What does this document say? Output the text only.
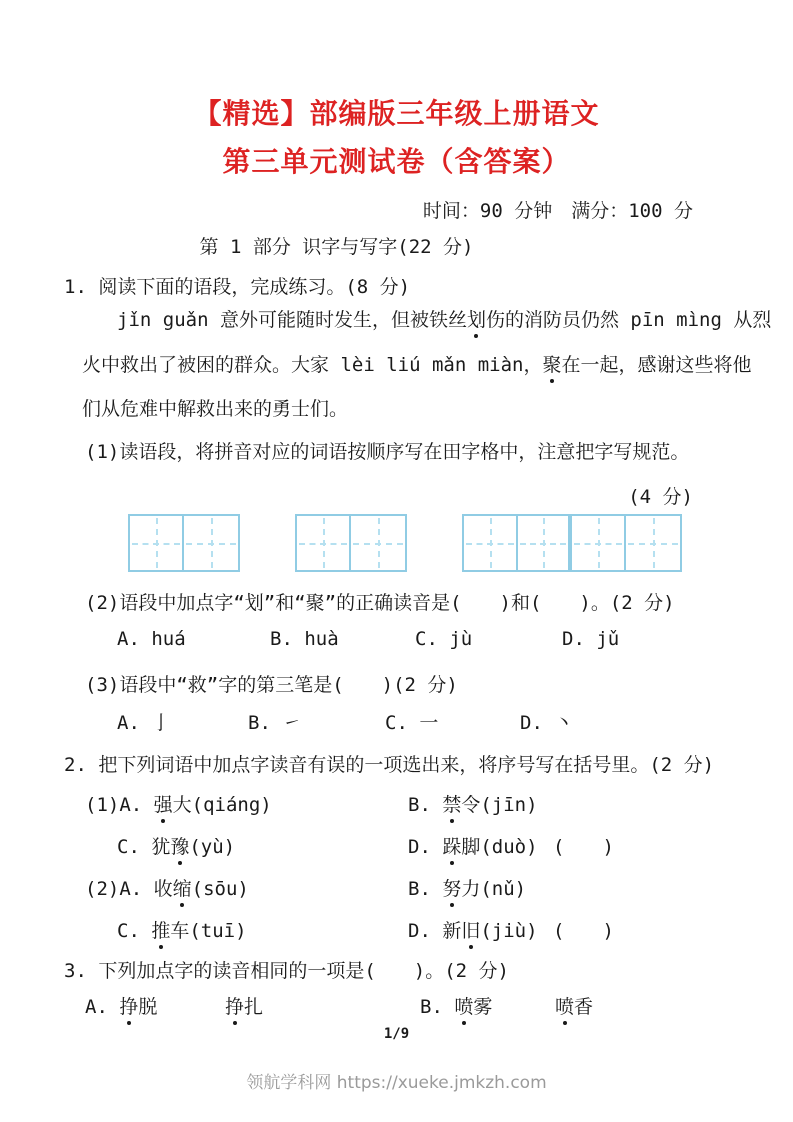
【精选】部编版三年级上册语文
第三单元测试卷（含答案）
时间：90 分钟　满分：100 分
第 1 部分 识字与写字(22 分)
1. 阅读下面的语段，完成练习。(8 分)
jǐn guǎn 意外可能随时发生，但被铁丝划伤的消防员仍然 pīn mìng 从烈
火中救出了被困的群众。大家 lèi liú mǎn miàn，聚在一起，感谢这些将他
们从危难中解救出来的勇士们。
(1)读语段，将拼音对应的词语按顺序写在田字格中，注意把字写规范。
(4 分)
(2)语段中加点字“划”和“聚”的正确读音是(　　)和(　　)。(2 分)
A. huá	B. huà	C. jù	D. jǔ
(3)语段中“救”字的第三笔是(　　)(2 分)
A. 亅	B. ㇀	C. 一	D. 丶
2. 把下列词语中加点字读音有误的一项选出来，将序号写在括号里。(2 分)
(1)A. 强大(qiáng)	B. 禁令(jīn)
C. 犹豫(yù)	D. 跺脚(duò) (　　)
(2)A. 收缩(sōu)	B. 努力(nǔ)
C. 推车(tuī)	D. 新旧(jiù) (　　)
3. 下列加点字的读音相同的一项是(　　)。(2 分)
A. 挣脱	挣扎	B. 喷雾	喷香
1/9
领航学科网 https://xueke.jmkzh.com
